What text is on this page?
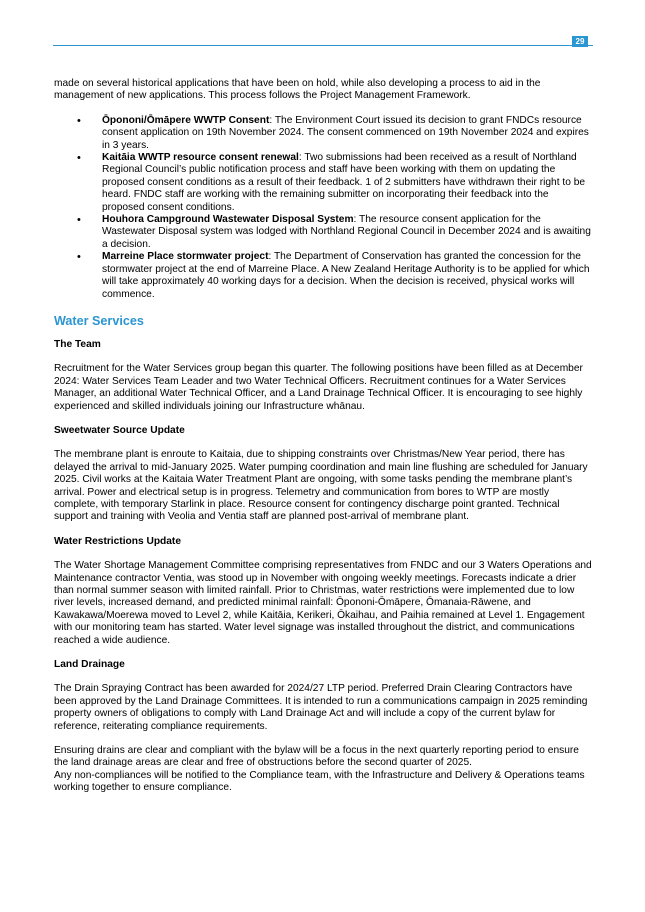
29

made on several historical applications that have been on hold, while also developing a process to aid in the management of new applications. This process follows the Project Management Framework.

• Ōpononi/Ōmāpere WWTP Consent: The Environment Court issued its decision to grant FNDCs resource consent application on 19th November 2024. The consent commenced on 19th November 2024 and expires in 3 years.
• Kaitāia WWTP resource consent renewal: Two submissions had been received as a result of Northland Regional Council’s public notification process and staff have been working with them on updating the proposed consent conditions as a result of their feedback. 1 of 2 submitters have withdrawn their right to be heard. FNDC staff are working with the remaining submitter on incorporating their feedback into the proposed consent conditions.
• Houhora Campground Wastewater Disposal System: The resource consent application for the Wastewater Disposal system was lodged with Northland Regional Council in December 2024 and is awaiting a decision.
• Marreine Place stormwater project: The Department of Conservation has granted the concession for the stormwater project at the end of Marreine Place. A New Zealand Heritage Authority is to be applied for which will take approximately 40 working days for a decision. When the decision is received, physical works will commence.
Water Services
The Team

Recruitment for the Water Services group began this quarter. The following positions have been filled as at December 2024: Water Services Team Leader and two Water Technical Officers. Recruitment continues for a Water Services Manager, an additional Water Technical Officer, and a Land Drainage Technical Officer. It is encouraging to see highly experienced and skilled individuals joining our Infrastructure whānau.

Sweetwater Source Update

The membrane plant is enroute to Kaitaia, due to shipping constraints over Christmas/New Year period, there has delayed the arrival to mid-January 2025. Water pumping coordination and main line flushing are scheduled for January 2025. Civil works at the Kaitaia Water Treatment Plant are ongoing, with some tasks pending the membrane plant’s arrival. Power and electrical setup is in progress. Telemetry and communication from bores to WTP are mostly complete, with temporary Starlink in place. Resource consent for contingency discharge point granted. Technical support and training with Veolia and Ventia staff are planned post-arrival of membrane plant.

Water Restrictions Update

The Water Shortage Management Committee comprising representatives from FNDC and our 3 Waters Operations and Maintenance contractor Ventia, was stood up in November with ongoing weekly meetings. Forecasts indicate a drier than normal summer season with limited rainfall. Prior to Christmas, water restrictions were implemented due to low river levels, increased demand, and predicted minimal rainfall: Ōpononi-Ōmāpere, Ōmanaia-Rāwene, and Kawakawa/Moerewa moved to Level 2, while Kaitāia, Kerikeri, Ōkaihau, and Paihia remained at Level 1. Engagement with our monitoring team has started. Water level signage was installed throughout the district, and communications reached a wide audience.

Land Drainage

The Drain Spraying Contract has been awarded for 2024/27 LTP period. Preferred Drain Clearing Contractors have been approved by the Land Drainage Committees. It is intended to run a communications campaign in 2025 reminding property owners of obligations to comply with Land Drainage Act and will include a copy of the current bylaw for reference, reiterating compliance requirements.

Ensuring drains are clear and compliant with the bylaw will be a focus in the next quarterly reporting period to ensure the land drainage areas are clear and free of obstructions before the second quarter of 2025.

Any non-compliances will be notified to the Compliance team, with the Infrastructure and Delivery & Operations teams working together to ensure compliance.
